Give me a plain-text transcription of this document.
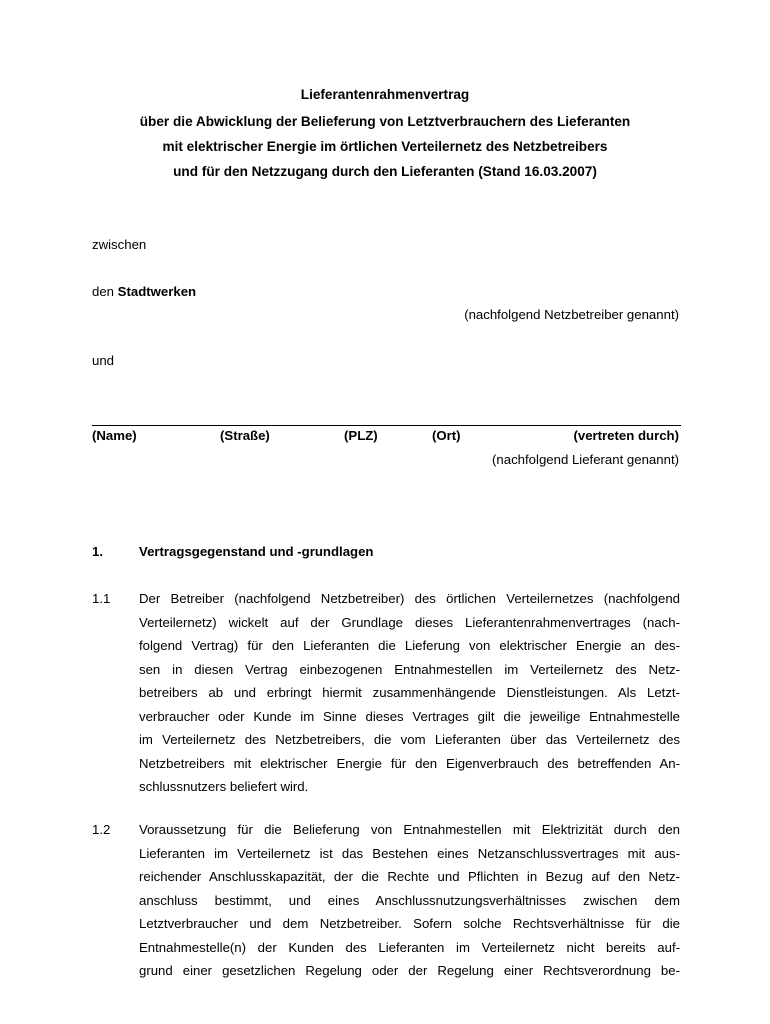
Lieferantenrahmenvertrag
über die Abwicklung der Belieferung von Letztverbrauchern des Lieferanten
mit elektrischer Energie im örtlichen Verteilernetz des Netzbetreibers
und für den Netzzugang durch den Lieferanten (Stand 16.03.2007)
zwischen
den Stadtwerken
(nachfolgend Netzbetreiber genannt)
und
(Name)	(Straße)	(PLZ)	(Ort)	(vertreten durch)
(nachfolgend Lieferant genannt)
1.	Vertragsgegenstand und -grundlagen
1.1 Der Betreiber (nachfolgend Netzbetreiber) des örtlichen Verteilernetzes (nachfolgend
Verteilernetz) wickelt auf der Grundlage dieses Lieferantenrahmenvertrages (nach-
folgend Vertrag) für den Lieferanten die Lieferung von elektrischer Energie an des-
sen in diesen Vertrag einbezogenen Entnahmestellen im Verteilernetz des Netz-
betreibers ab und erbringt hiermit zusammenhängende Dienstleistungen. Als Letzt-
verbraucher oder Kunde im Sinne dieses Vertrages gilt die jeweilige Entnahmestelle
im Verteilernetz des Netzbetreibers, die vom Lieferanten über das Verteilernetz des
Netzbetreibers mit elektrischer Energie für den Eigenverbrauch des betreffenden An-
schlussnutzers beliefert wird.
1.2 Voraussetzung für die Belieferung von Entnahmestellen mit Elektrizität durch den
Lieferanten im Verteilernetz ist das Bestehen eines Netzanschlussvertrages mit aus-
reichender Anschlusskapazität, der die Rechte und Pflichten in Bezug auf den Netz-
anschluss bestimmt, und eines Anschlussnutzungsverhältnisses zwischen dem
Letztverbraucher und dem Netzbetreiber. Sofern solche Rechtsverhältnisse für die
Entnahmestelle(n) der Kunden des Lieferanten im Verteilernetz nicht bereits auf-
grund einer gesetzlichen Regelung oder der Regelung einer Rechtsverordnung be-
